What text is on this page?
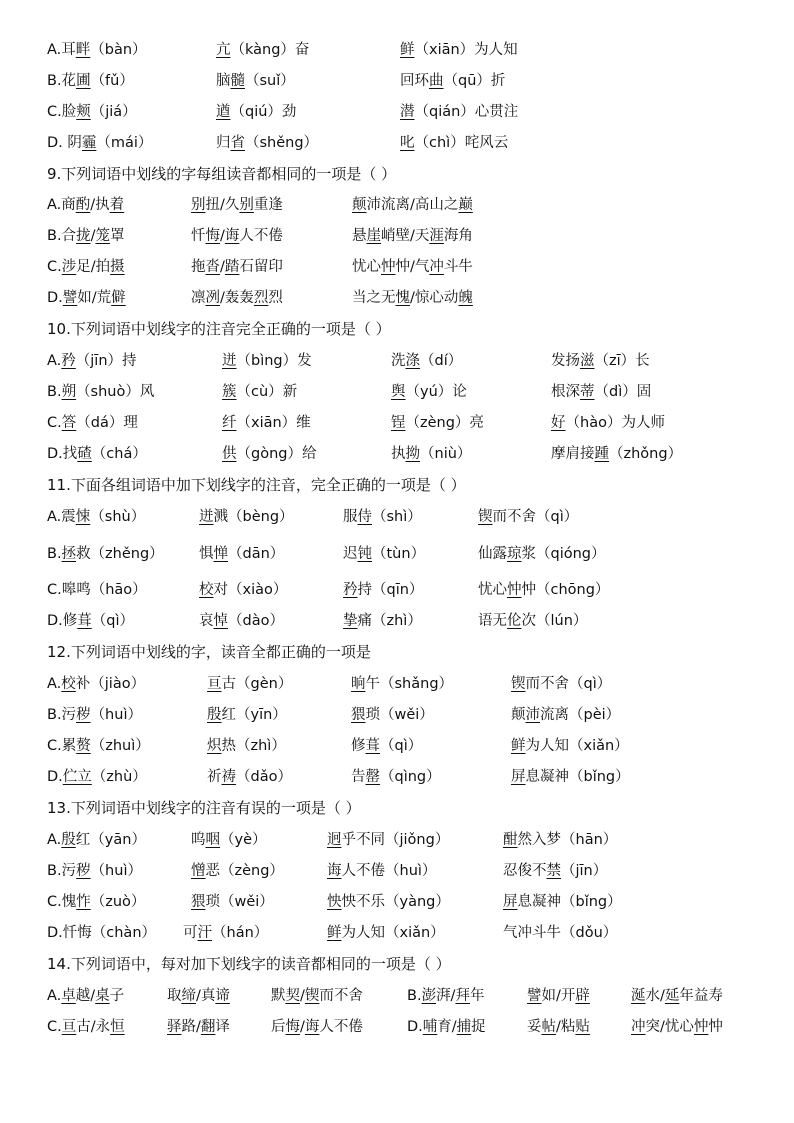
A.耳畔（bàn）	亢（kàng）奋	鲜（xiān）为人知
B.花圃（fǔ）	脑髓（suǐ）	回环曲（qū）折
C.脸颊（jiá）	遒（qiú）劲	潜（qián）心贯注
D. 阴霾（mái）	归省（shěng）	叱（chì）咤风云
9.下列词语中划线的字每组读音都相同的一项是（ ）
A.商酌/执着	别扭/久别重逢	颠沛流离/高山之巅
B.合拢/笼罩	忏悔/诲人不倦	悬崖峭壁/天涯海角
C.涉足/拍摄	拖沓/踏石留印	忧心忡忡/气冲斗牛
D.譬如/荒僻	凛冽/轰轰烈烈	当之无愧/惊心动魄
10.下列词语中划线字的注音完全正确的一项是（ ）
A.矜（jīn）持	迸（bìng）发	洗涤（dí）	发扬滋（zī）长
B.朔（shuò）风	簇（cù）新	舆（yú）论	根深蒂（dì）固
C.答（dá）理	纤（xiān）维	锃（zèng）亮	好（hào）为人师
D.找碴（chá）	供（gòng）给	执拗（niù）	摩肩接踵（zhǒng）
11.下面各组词语中加下划线字的注音，完全正确的一项是（ ）
A.震悚（shù）	迸溅（bèng）	服侍（shì）	锲而不舍（qì）
B.拯救（zhěng） 惧惮（dān）	迟钝（tùn）	仙露琼浆（qióng）
C.嗥鸣（hāo）	校对（xiào）	矜持（qīn）	忧心忡忡（chōng）
D.修葺（qì）	哀悼（dào）	挚痛（zhì）	语无伦次（lún）
12.下列词语中划线的字，读音全都正确的一项是
A.校补（jiào）	亘古（gèn）	晌午（shǎng）	锲而不舍（qì）
B.污秽（huì）	殷红（yīn）	猥琐（wěi）	颠沛流离（pèi）
C.累赘（zhuì）	炽热（zhì）	修葺（qì）	鲜为人知（xiǎn）
D.伫立（zhù）	祈祷（dǎo）	告罄（qìng）	屏息凝神（bǐng）
13.下列词语中划线字的注音有误的一项是（ ）
A.殷红（yān）	呜咽（yè）	迥乎不同（jiǒng）	酣然入梦（hān）
B.污秽（huì）	憎恶（zèng）	诲人不倦（huì）	忍俊不禁（jīn）
C.愧怍（zuò）	猥琐（wěi）	怏怏不乐（yàng）	屏息凝神（bǐng）
D.忏悔（chàn） 可汗（hán）	鲜为人知（xiǎn）	气冲斗牛（dǒu）
14.下列词语中，每对加下划线字的读音都相同的一项是（ ）
A.卓越/桌子	取缔/真谛	默契/锲而不舍	B.澎湃/拜年	譬如/开辟	涎水/延年益寿
C.亘古/永恒	驿路/翻译	后悔/诲人不倦	D.哺育/捕捉	妥帖/粘贴	冲突/忧心忡忡
